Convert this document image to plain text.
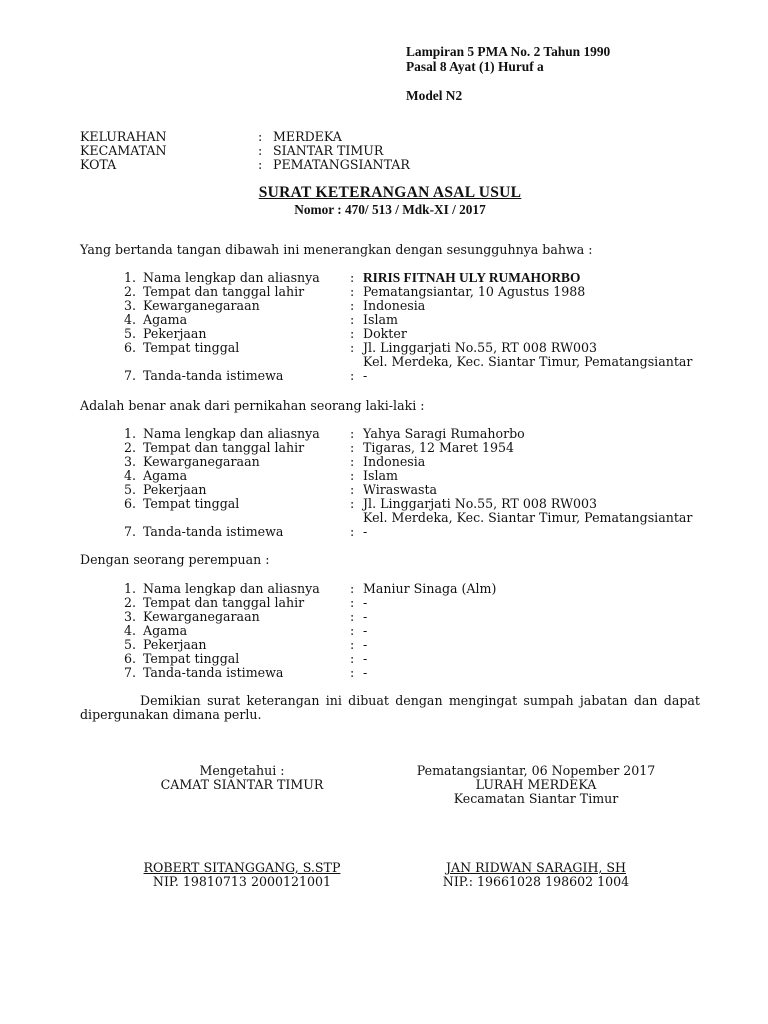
Lampiran 5 PMA No. 2 Tahun 1990
Pasal 8 Ayat (1) Huruf a
Model N2
KELURAHAN	: MERDEKA
KECAMATAN	: SIANTAR TIMUR
KOTA	: PEMATANGSIANTAR
SURAT KETERANGAN ASAL USUL
Nomor : 470/ 513 / Mdk-XI / 2017
Yang bertanda tangan dibawah ini menerangkan dengan sesungguhnya bahwa :
1. Nama lengkap dan aliasnya : RIRIS FITNAH ULY RUMAHORBO
2. Tempat dan tanggal lahir	: Pematangsiantar, 10 Agustus 1988
3. Kewarganegaraan	: Indonesia
4. Agama	: Islam
5. Pekerjaan	: Dokter
6. Tempat tinggal	: Jl. Linggarjati No.55, RT 008 RW003
Kel. Merdeka, Kec. Siantar Timur, Pematangsiantar
7. Tanda-tanda istimewa	: -
Adalah benar anak dari pernikahan seorang laki-laki :
1. Nama lengkap dan aliasnya : Yahya Saragi Rumahorbo
2. Tempat dan tanggal lahir	: Tigaras, 12 Maret 1954
3. Kewarganegaraan	: Indonesia
4. Agama	: Islam
5. Pekerjaan	: Wiraswasta
6. Tempat tinggal	: Jl. Linggarjati No.55, RT 008 RW003
Kel. Merdeka, Kec. Siantar Timur, Pematangsiantar
7. Tanda-tanda istimewa	: -
Dengan seorang perempuan :
1. Nama lengkap dan aliasnya : Maniur Sinaga (Alm)
2. Tempat dan tanggal lahir	: -
3. Kewarganegaraan	: -
4. Agama	: -
5. Pekerjaan	: -
6. Tempat tinggal	: -
7. Tanda-tanda istimewa	: -
Demikian surat keterangan ini dibuat dengan mengingat sumpah jabatan dan dapat dipergunakan dimana perlu.
Mengetahui :
CAMAT SIANTAR TIMUR
ROBERT SITANGGANG, S.STP
NIP. 19810713 2000121001
Pematangsiantar, 06 Nopember 2017
LURAH MERDEKA
Kecamatan Siantar Timur
JAN RIDWAN SARAGIH, SH
NIP.: 19661028 198602 1004
